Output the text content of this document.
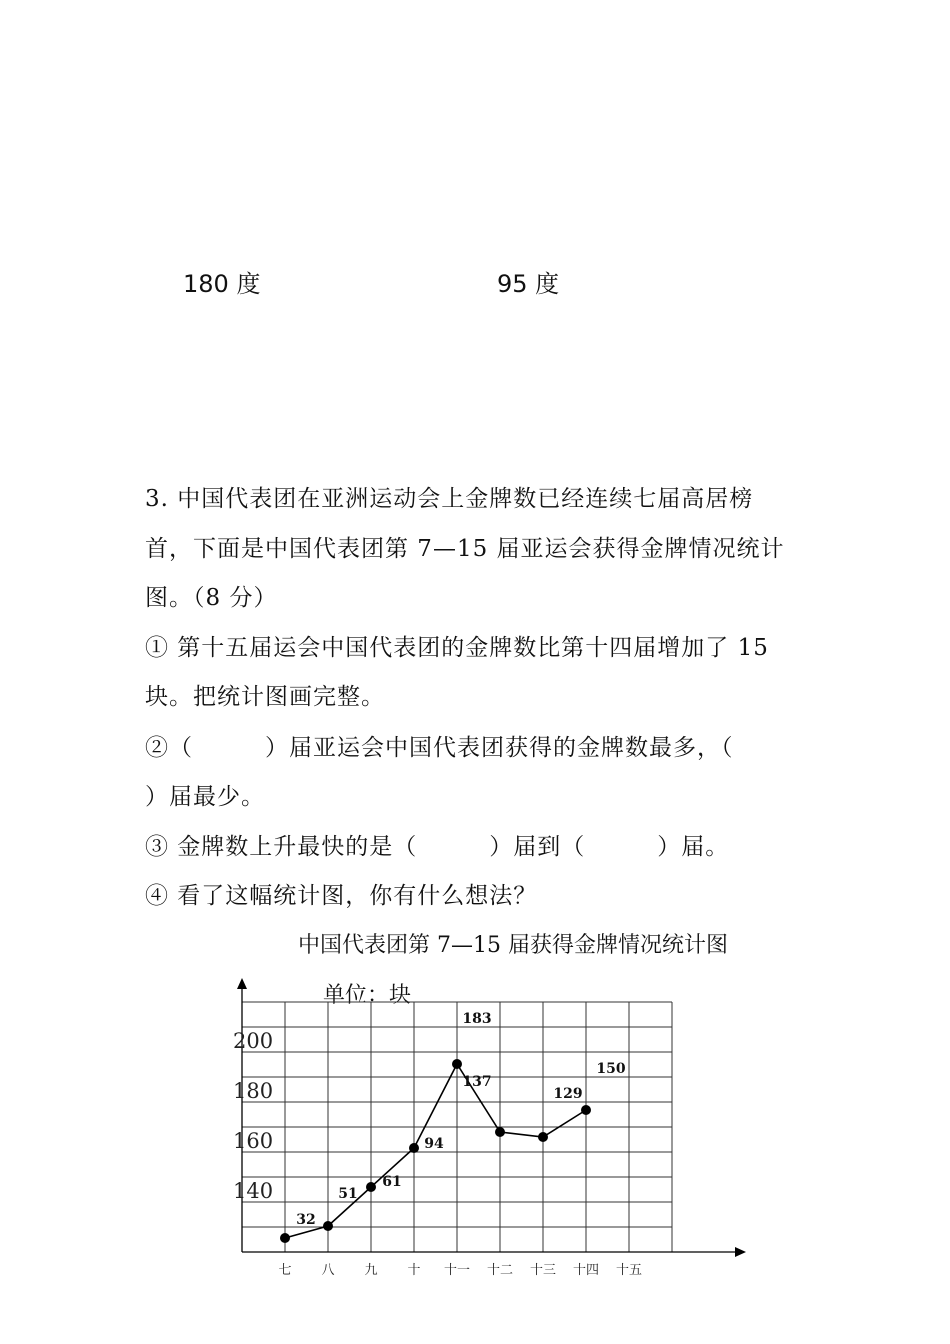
180 度	95 度
3. 中国代表团在亚洲运动会上金牌数已经连续七届高居榜
首，下面是中国代表团第 7—15 届亚运会获得金牌情况统计
图。（8 分）
① 第十五届运会中国代表团的金牌数比第十四届增加了 15
块。把统计图画完整。
②（　　　）届亚运会中国代表团获得的金牌数最多，（
）届最少。
③ 金牌数上升最快的是（　　　）届到（　　　）届。
④ 看了这幅统计图，你有什么想法？
中国代表团第 7—15 届获得金牌情况统计图
单位：块
200
180
160
140
七 八 九 十 十一 十二 十三 十四 十五
32
51
61
94
183
137
129
150
